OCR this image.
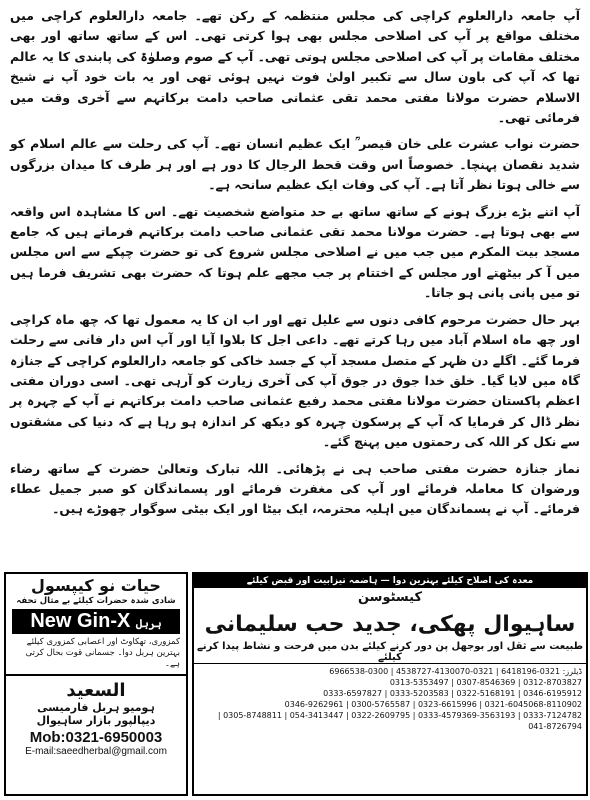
آپ جامعہ دارالعلوم کراچی کی مجلس منتظمہ کے رکن تھے۔ جامعہ دارالعلوم کراچی میں مختلف مواقع پر آپ کی اصلاحی مجلس بھی ہوا کرتی تھی۔ اس کے ساتھ ساتھ اور بھی مختلف مقامات پر آپ کی اصلاحی مجلس ہوتی تھی۔ آپ کے صوم وصلوٰۃ کی پابندی کا یہ عالم تھا کہ آپ کی باون سال سے تکبیر اولیٰ فوت نہیں ہوئی تھی اور یہ بات خود آپ نے شیخ الاسلام حضرت مولانا مفتی محمد تقی عثمانی صاحب دامت برکاتہم سے آخری وقت میں فرمائی تھی۔

حضرت نواب عشرت علی خان قیصر ؒ ایک عظیم انسان تھے۔ آپ کی رحلت سے عالم اسلام کو شدید نقصان پہنچا۔ خصوصاً اس وقت قحط الرجال کا دور ہے اور ہر طرف کا میدان بزرگوں سے خالی ہوتا نظر آتا ہے۔ آپ کی وفات ایک عظیم سانحہ ہے۔

آپ اتنے بڑے بزرگ ہونے کے ساتھ ساتھ بے حد متواضع شخصیت تھے۔ اس کا مشاہدہ اس واقعہ سے بھی ہوتا ہے۔ حضرت مولانا محمد تقی عثمانی صاحب دامت برکاتہم فرماتے ہیں کہ جامع مسجد بیت المکرم میں جب میں نے اصلاحی مجلس شروع کی تو حضرت چپکے سے اس مجلس میں آ کر بیٹھتے اور مجلس کے اختتام پر جب مجھے علم ہوتا کہ حضرت بھی تشریف فرما ہیں تو میں پانی پانی ہو جاتا۔

بہر حال حضرت مرحوم کافی دنوں سے علیل تھے اور اب ان کا یہ معمول تھا کہ چھ ماہ کراچی اور چھ ماہ اسلام آباد میں رہا کرتے تھے۔ داعی اجل کا بلاوا آیا اور آپ اس دار فانی سے رحلت فرما گئے۔ اگلے دن ظہر کے متصل مسجد آپ کے جسد خاکی کو جامعہ دارالعلوم کراچی کے جنازہ گاہ میں لایا گیا۔ خلق خدا جوق در جوق آپ کی آخری زیارت کو آرہی تھی۔ اسی دوران مفتی اعظم پاکستان حضرت مولانا مفتی محمد رفیع عثمانی صاحب دامت برکاتہم نے آپ کے چہرہ پر نظر ڈال کر فرمایا کہ آپ کے پرسکون چہرہ کو دیکھ کر اندازہ ہو رہا ہے کہ دنیا کی مشقتوں سے نکل کر اللہ کی رحمتوں میں پہنچ گئے۔

نماز جنازہ حضرت مفتی صاحب ہی نے پڑھائی۔ اللہ تبارک وتعالیٰ حضرت کے ساتھ رضاء ورضوان کا معاملہ فرمائے اور آپ کی مغفرت فرمائے اور پسماندگان کو صبر جمیل عطاء فرمائے۔ آپ نے پسماندگان میں اہلیہ محترمہ، ایک بیٹا اور ایک بیٹی سوگوار چھوڑے ہیں۔

معدہ کی اصلاح کیلئے بہترین دوا — ہاضمہ تیزابیت اور قبض کیلئے
کیسٹوسن
ساہیوال پھکی، جدید حب سلیمانی
طبیعت سے ثقل اور بوجھل پن دور کرنے کیلئے بدن میں فرحت و نشاط پیدا کرنے کیلئے
ڈیلرز: 0321-6418196 | 0321-4130070-4538727 | 0300-6966538
0312-8703827 | 0307-8546369 | 0313-5353497
0346-6195912 | 0322-5168191 | 0333-5203583 | 0333-6597827
0321-6045068-8110902 | 0323-6615996 | 0300-5765587 | 0346-9262961
0333-7124782 | 0333-4579369-3563193 | 0322-2609795 | 054-3413447 | 0305-8748811 | 041-8726794
حیات نو کیپسول
شادی شدہ حضرات کیلئے بے مثال تحفہ
New Gin-X ہربل
کمزوری، تھکاوٹ اور اعصابی کمزوری کیلئے بہترین ہربل دوا۔ جسمانی قوت بحال کرتی ہے۔
السعید
ہومیو ہربل فارمیسی
دیپالپور بازار ساہیوال
Mob:0321-6950003
E-mail:saeedherbal@gmail.com
